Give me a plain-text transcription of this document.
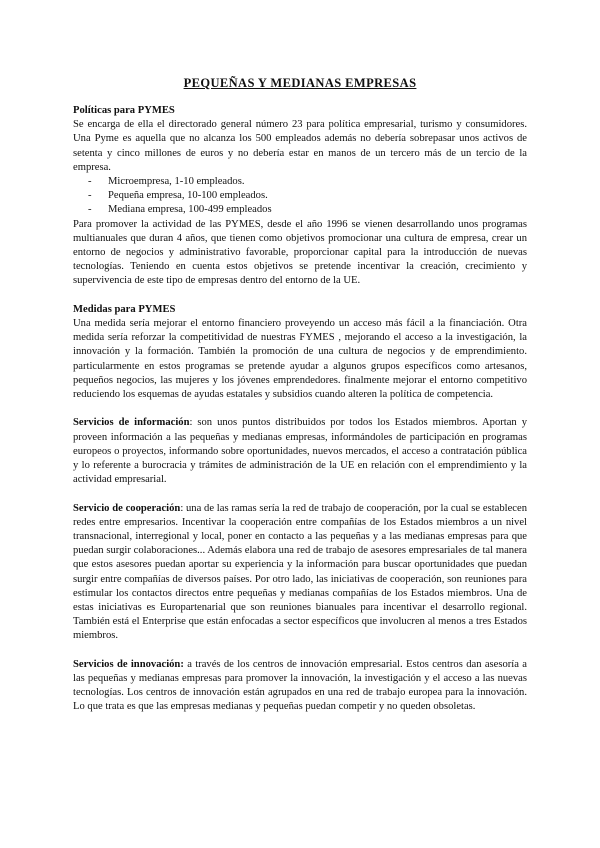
PEQUEÑAS Y MEDIANAS EMPRESAS

Políticas para PYMES

Se encarga de ella el directorado general número 23 para política empresarial, turismo y consumidores. Una Pyme es aquella que no alcanza los 500 empleados además no debería sobrepasar unos activos de setenta y cinco millones de euros y no debería estar en manos de un tercero más de un tercio de la empresa.

- Microempresa, 1-10 empleados.
- Pequeña empresa, 10-100 empleados.
- Mediana empresa, 100-499 empleados

Para promover la actividad de las PYMES, desde el año 1996 se vienen desarrollando unos programas multianuales que duran 4 años, que tienen como objetivos promocionar una cultura de empresa, crear un entorno de negocios y administrativo favorable, proporcionar capital para la introducción de nuevas tecnologías. Teniendo en cuenta estos objetivos se pretende incentivar la creación, crecimiento y supervivencia de este tipo de empresas dentro del entorno de la UE.

Medidas para PYMES

Una medida sería mejorar el entorno financiero proveyendo un acceso más fácil a la financiación. Otra medida sería reforzar la competitividad de nuestras FYMES , mejorando el acceso a la investigación, la innovación y la formación. También la promoción de una cultura de negocios y de emprendimiento. particularmente en estos programas se pretende ayudar a algunos grupos específicos como artesanos, pequeños negocios, las mujeres y los jóvenes emprendedores. finalmente mejorar el entorno competitivo reduciendo los esquemas de ayudas estatales y subsidios cuando alteren la política de competencia.

Servicios de información: son unos puntos distribuidos por todos los Estados miembros. Aportan y proveen información a las pequeñas y medianas empresas, informándoles de participación en programas europeos o proyectos, informando sobre oportunidades, nuevos mercados, el acceso a contratación pública y lo referente a burocracia y trámites de administración de la UE en relación con el emprendimiento y la actividad empresarial.

Servicio de cooperación: una de las ramas sería la red de trabajo de cooperación, por la cual se establecen redes entre empresarios. Incentivar la cooperación entre compañías de los Estados miembros a un nivel transnacional, interregional y local, poner en contacto a las pequeñas y a las medianas empresas para que puedan surgir colaboraciones... Además elabora una red de trabajo de asesores empresariales de tal manera que estos asesores puedan aportar su experiencia y la información para buscar oportunidades que puedan surgir entre compañías de diversos países. Por otro lado, las iniciativas de cooperación, son reuniones para estimular los contactos directos entre pequeñas y medianas compañías de los Estados miembros. Una de estas iniciativas es Europartenarial que son reuniones bianuales para incentivar el desarrollo regional. También está el Enterprise que están enfocadas a sector específicos que involucren al menos a tres Estados miembros.

Servicios de innovación: a través de los centros de innovación empresarial. Estos centros dan asesoría a las pequeñas y medianas empresas para promover la innovación, la investigación y el acceso a las nuevas tecnologías. Los centros de innovación están agrupados en una red de trabajo europea para la innovación. Lo que trata es que las empresas medianas y pequeñas puedan competir y no queden obsoletas.
